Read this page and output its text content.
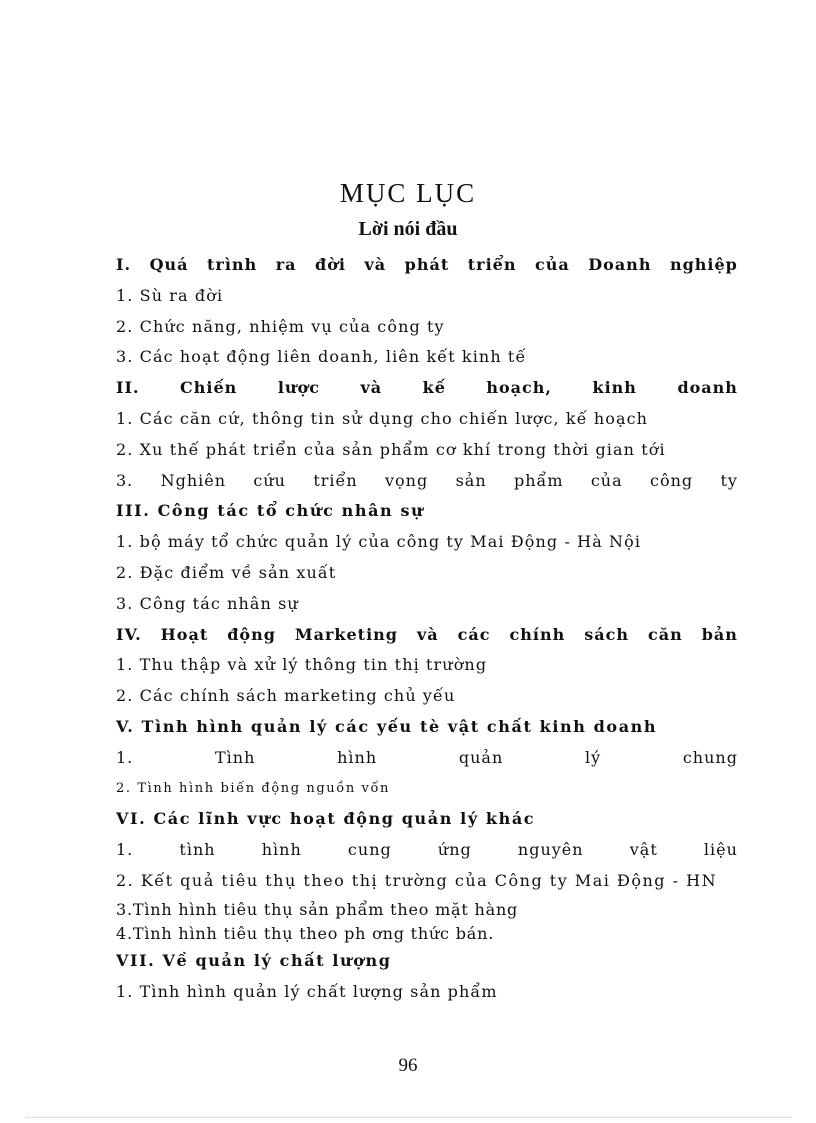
MỤC LỤC
Lời nói đầu
I. Quá trình ra đời và phát triển của Doanh nghiệp
1. Sù ra đời
2. Chức năng, nhiệm vụ của công ty
3. Các hoạt động liên doanh, liên kết kinh tế
II.	Chiến	lược	và	kế	hoạch,	kinh	doanh
1. Các căn cứ, thông tin sử dụng cho chiến lược, kế hoạch
2. Xu thế phát triển của sản phẩm cơ khí trong thời gian tới
3. Nghiên cứu triển vọng sản phẩm của công ty
III. Công tác tổ chức nhân sự
1. bộ máy tổ chức quản lý của công ty Mai Động - Hà Nội
2. Đặc điểm về sản xuất
3. Công tác nhân sự
IV. Hoạt động Marketing và các chính sách căn bản
1. Thu thập và xử lý thông tin thị trường
2. Các chính sách marketing chủ yếu
V. Tình hình quản lý các yếu tè vật chất kinh doanh
1.	Tình	hình	quản	lý	chung
2. Tình hình biến động nguồn vốn
VI. Các lĩnh vực hoạt động quản lý khác
1.	tình	hình	cung	ứng	nguyên	vật	liệu
2. Kết quả tiêu thụ theo thị trường của Công ty Mai Động - HN
3.Tình hình tiêu thụ sản phẩm theo mặt hàng
4.Tình hình tiêu thụ theo ph ơng thức bán.
VII. Về quản lý chất lượng
1. Tình hình quản lý chất lượng sản phẩm
96
